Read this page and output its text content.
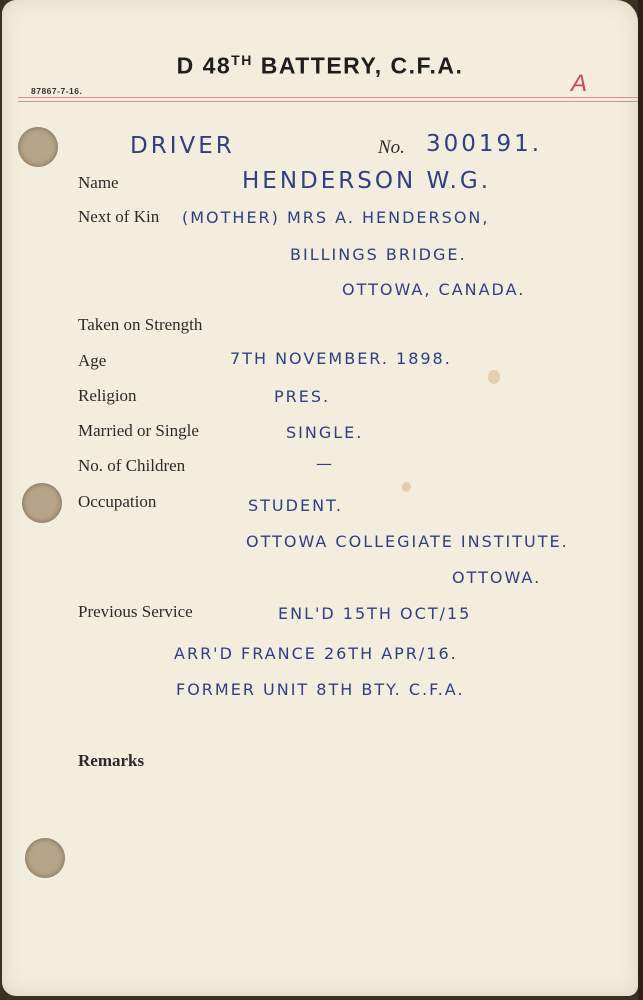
D 48TH BATTERY, C.F.A.
87867-7-16.	A
DRIVER	No. 300191.
Name	HENDERSON W.G.
Next of Kin (MOTHER) MRS A. HENDERSON,
BILLINGS BRIDGE.
OTTOWA, CANADA.
Taken on Strength
Age	7TH NOVEMBER. 1898.
Religion	PRES.
Married or Single	SINGLE.
No. of Children	—
Occupation	STUDENT.
OTTOWA COLLEGIATE INSTITUTE.
OTTOWA.
Previous Service	ENL'D 15TH OCT/15
ARR'D FRANCE 26TH APR/16.
FORMER UNIT 8TH BTY. C.F.A.
Remarks
